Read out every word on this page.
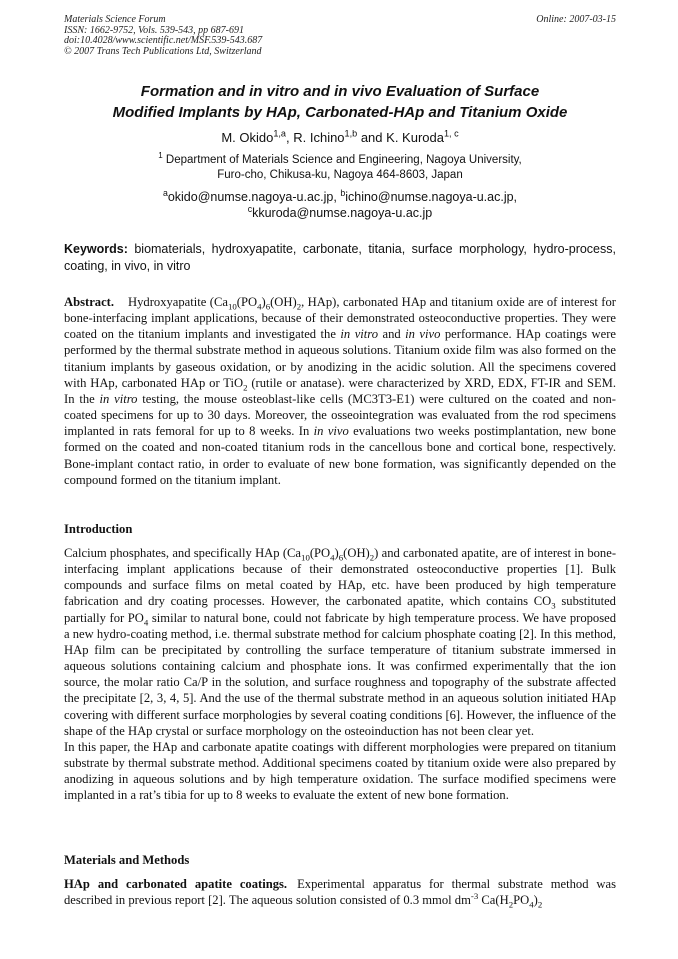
Materials Science Forum	Online: 2007-03-15
ISSN: 1662-9752, Vols. 539-543, pp 687-691
doi:10.4028/www.scientific.net/MSF.539-543.687
© 2007 Trans Tech Publications Ltd, Switzerland
Formation and in vitro and in vivo Evaluation of Surface
Modified Implants by HAp, Carbonated-HAp and Titanium Oxide
M. Okido$^{1,a}$, R. Ichino$^{1,b}$ and K. Kuroda$^{1, c}$
$^1$ Department of Materials Science and Engineering, Nagoya University,
Furo-cho, Chikusa-ku, Nagoya 464-8603, Japan
$^a$okido@numse.nagoya-u.ac.jp, $^b$ichino@numse.nagoya-u.ac.jp,
$^c$kkuroda@numse.nagoya-u.ac.jp
Keywords: biomaterials, hydroxyapatite, carbonate, titania, surface morphology, hydro-process, coating, in vivo, in vitro
Abstract. Hydroxyapatite ($Ca_{10}(PO_4)_6(OH)_2$, HAp), carbonated HAp and titanium oxide are of interest for bone-interfacing implant applications, because of their demonstrated osteoconductive properties. They were coated on the titanium implants and investigated the in vitro and in vivo performance. HAp coatings were performed by the thermal substrate method in aqueous solutions. Titanium oxide film was also formed on the titanium implants by gaseous oxidation, or by anodizing in the acidic solution. All the specimens covered with HAp, carbonated HAp or TiO$_2$ (rutile or anatase). were characterized by XRD, EDX, FT-IR and SEM. In the in vitro testing, the mouse osteoblast-like cells (MC3T3-E1) were cultured on the coated and non-coated specimens for up to 30 days. Moreover, the osseointegration was evaluated from the rod specimens implanted in rats femoral for up to 8 weeks. In in vivo evaluations two weeks postimplantation, new bone formed on the coated and non-coated titanium rods in the cancellous bone and cortical bone, respectively. Bone-implant contact ratio, in order to evaluate of new bone formation, was significantly depended on the compound formed on the titanium implant.
Introduction

Calcium phosphates, and specifically HAp $(Ca_{10}(PO_4)_6(OH)_2)$ and carbonated apatite, are of interest in bone-interfacing implant applications because of their demonstrated osteoconductive properties [1]. Bulk compounds and surface films on metal coated by HAp, etc. have been produced by high temperature fabrication and dry coating processes. However, the carbonated apatite, which contains $CO_3$ substituted partially for $PO_4$ similar to natural bone, could not fabricate by high temperature process. We have proposed a new hydro-coating method, i.e. thermal substrate method for calcium phosphate coating [2]. In this method, HAp film can be precipitated by controlling the surface temperature of titanium substrate immersed in aqueous solutions containing calcium and phosphate ions. It was confirmed experimentally that the ion source, the molar ratio Ca/P in the solution, and surface roughness and topography of the substrate affected the precipitate [2, 3, 4, 5]. And the use of the thermal substrate method in an aqueous solution initiated HAp covering with different surface morphologies by several coating conditions [6]. However, the influence of the shape of the HAp crystal or surface morphology on the osteoinduction has not been clear yet.

In this paper, the HAp and carbonate apatite coatings with different morphologies were prepared on titanium substrate by thermal substrate method. Additional specimens coated by titanium oxide were also prepared by anodizing in aqueous solutions and by high temperature oxidation. The surface modified specimens were implanted in a rat’s tibia for up to 8 weeks to evaluate the extent of new bone formation.

Materials and Methods
HAp and carbonated apatite coatings. Experimental apparatus for thermal substrate method was described in previous report [2]. The aqueous solution consisted of 0.3 mmol $dm^{-3}$ $Ca(H_2PO_4)_2$
